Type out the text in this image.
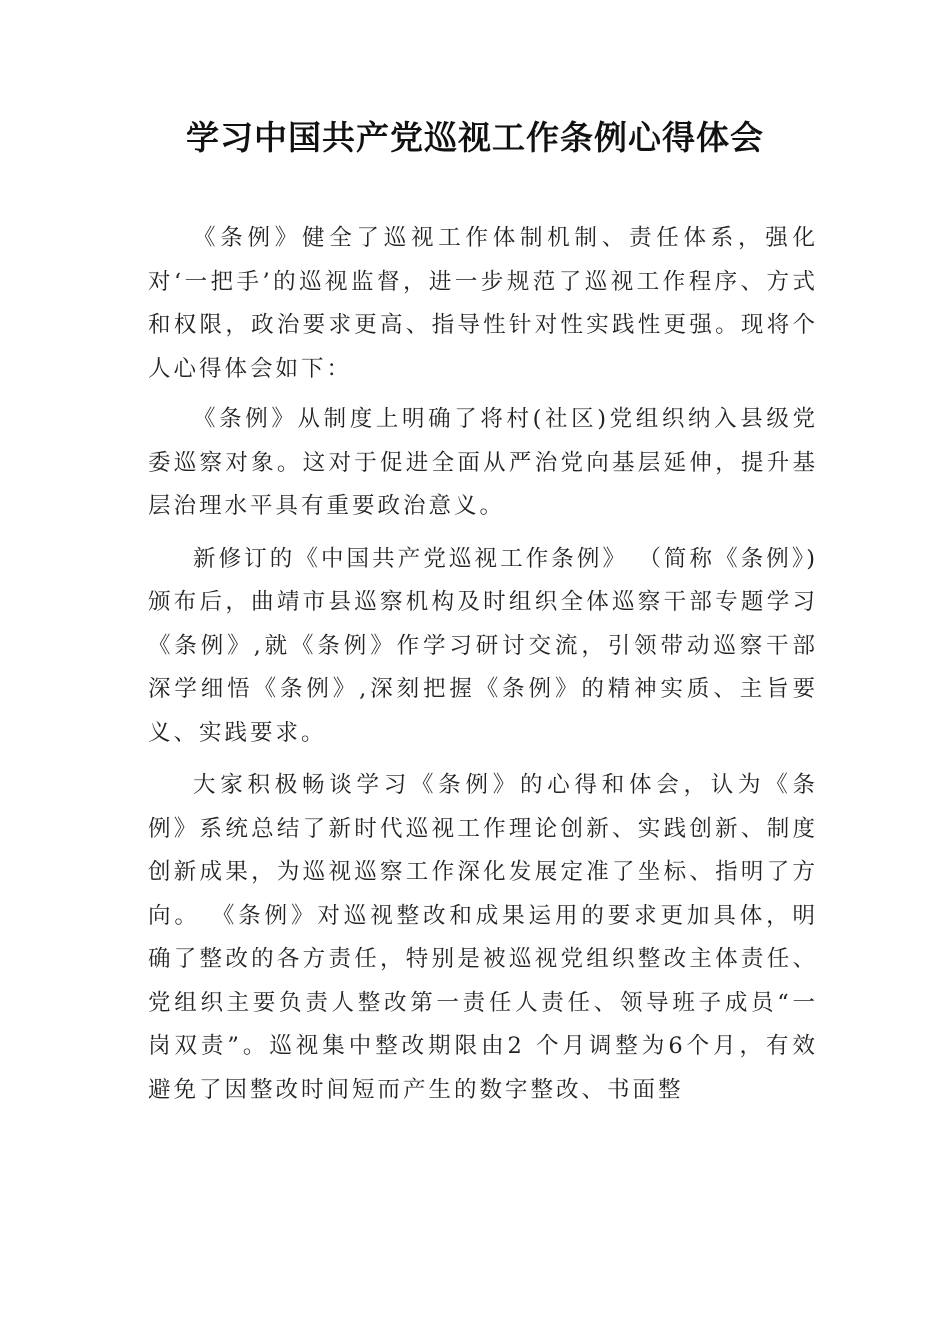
学习中国共产党巡视工作条例心得体会

《条例》健全了巡视工作体制机制、责任体系，强化对‘一把手’的巡视监督，进一步规范了巡视工作程序、方式和权限，政治要求更高、指导性针对性实践性更强。现将个人心得体会如下：

《条例》从制度上明确了将村(社区)党组织纳入县级党委巡察对象。这对于促进全面从严治党向基层延伸，提升基层治理水平具有重要政治意义。

新修订的《中国共产党巡视工作条例》 （简称《条例》)颁布后，曲靖市县巡察机构及时组织全体巡察干部专题学习《条例》,就《条例》作学习研讨交流，引领带动巡察干部深学细悟《条例》,深刻把握《条例》的精神实质、主旨要义、实践要求。

大家积极畅谈学习《条例》的心得和体会，认为《条例》系统总结了新时代巡视工作理论创新、实践创新、制度创新成果，为巡视巡察工作深化发展定准了坐标、指明了方向。 《条例》对巡视整改和成果运用的要求更加具体，明确了整改的各方责任，特别是被巡视党组织整改主体责任、党组织主要负责人整改第一责任人责任、领导班子成员“一岗双责”。巡视集中整改期限由2 个月调整为6个月，有效避免了因整改时间短而产生的数字整改、书面整
